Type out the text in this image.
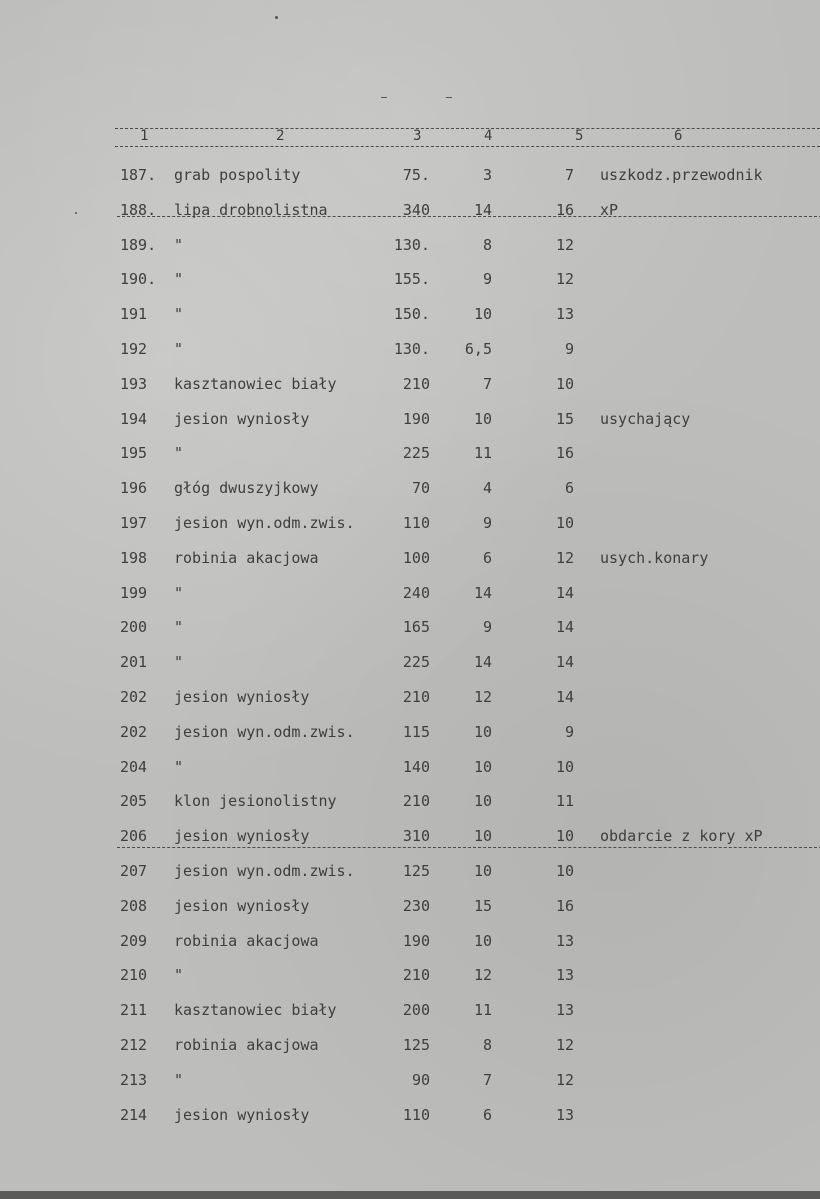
1	2	3	4	5	6
187. grab pospolity	75.	3	7 uszkodz.przewodnik
188. lipa drobnolistna	340	14	16 xP
189. "	130.	8	12
190. "	155.	9	12
191 "	150.	10	13
192 "	130.	6,5	9
193 kasztanowiec biały	210	7	10
194 jesion wyniosły	190	10	15 usychający
195 "	225	11	16
196 głóg dwuszyjkowy	70	4	6
197 jesion wyn.odm.zwis.	110	9	10
198 robinia akacjowa	100	6	12 usych.konary
199 "	240	14	14
200 "	165	9	14
201 "	225	14	14
202 jesion wyniosły	210	12	14
202 jesion wyn.odm.zwis.	115	10	9
204 "	140	10	10
205 klon jesionolistny	210	10	11
206 jesion wyniosły	310	10	10 obdarcie z kory xP
207 jesion wyn.odm.zwis.	125	10	10
208 jesion wyniosły	230	15	16
209 robinia akacjowa	190	10	13
210 "	210	12	13
211 kasztanowiec biały	200	11	13
212 robinia akacjowa	125	8	12
213 "	90	7	12
214 jesion wyniosły	110	6	13
